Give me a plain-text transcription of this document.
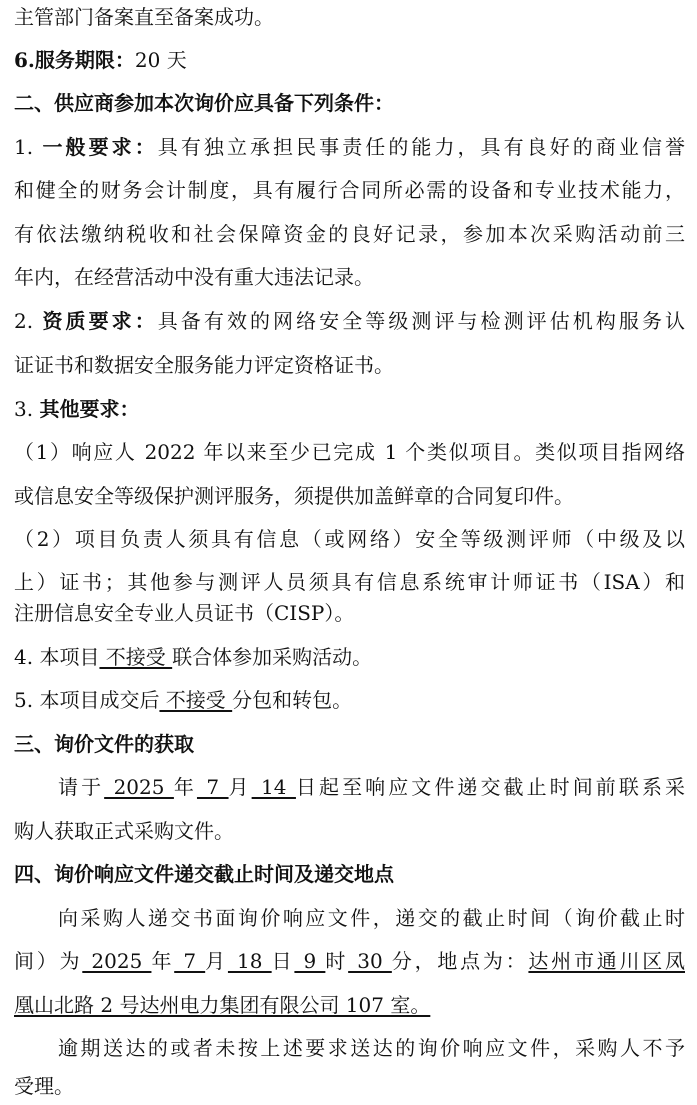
主管部门备案直至备案成功。
6.服务期限：20 天
二、供应商参加本次询价应具备下列条件：
1. 一般要求：具有独立承担民事责任的能力，具有良好的商业信誉
和健全的财务会计制度，具有履行合同所必需的设备和专业技术能力，
有依法缴纳税收和社会保障资金的良好记录，参加本次采购活动前三
年内，在经营活动中没有重大违法记录。
2. 资质要求：具备有效的网络安全等级测评与检测评估机构服务认
证证书和数据安全服务能力评定资格证书。
3. 其他要求：
（1）响应人 2022 年以来至少已完成 1 个类似项目。类似项目指网络
或信息安全等级保护测评服务，须提供加盖鲜章的合同复印件。
（2）项目负责人须具有信息（或网络）安全等级测评师（中级及以
上）证书；其他参与测评人员须具有信息系统审计师证书（ISA）和
注册信息安全专业人员证书（CISP）。
4. 本项目 不接受 联合体参加采购活动。
5. 本项目成交后 不接受 分包和转包。
三、询价文件的获取
请于 2025 年 7 月 14 日起至响应文件递交截止时间前联系采
购人获取正式采购文件。
四、询价响应文件递交截止时间及递交地点
向采购人递交书面询价响应文件，递交的截止时间（询价截止时
间）为 2025 年 7 月 18 日 9 时 30 分，地点为：达州市通川区凤
凰山北路 2 号达州电力集团有限公司 107 室。
逾期送达的或者未按上述要求送达的询价响应文件，采购人不予
受理。
